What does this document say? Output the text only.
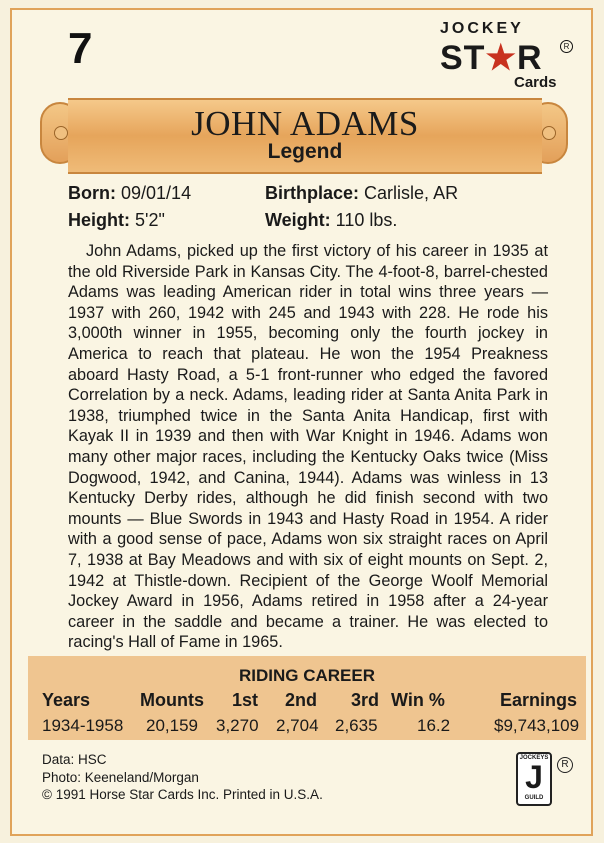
7	JOCKEY
ST★R	R
Cards
JOHN ADAMS
Legend
Born: 09/01/14	Birthplace: Carlisle, AR
Height: 5'2"	Weight: 110 lbs.
John Adams, picked up the first victory of his career in 1935 at the old Riverside Park in Kansas City. The 4-foot-8, barrel-chested Adams was leading American rider in total wins three years — 1937 with 260, 1942 with 245 and 1943 with 228. He rode his 3,000th winner in 1955, becoming only the fourth jockey in America to reach that plateau. He won the 1954 Preakness aboard Hasty Road, a 5-1 front-runner who edged the favored Correlation by a neck. Adams, leading rider at Santa Anita Park in 1938, triumphed twice in the Santa Anita Handicap, first with Kayak II in 1939 and then with War Knight in 1946. Adams won many other major races, including the Kentucky Oaks twice (Miss Dogwood, 1942, and Canina, 1944). Adams was winless in 13 Kentucky Derby rides, although he did finish second with two mounts — Blue Swords in 1943 and Hasty Road in 1954. A rider with a good sense of pace, Adams won six straight races on April 7, 1938 at Bay Meadows and with six of eight mounts on Sept. 2, 1942 at Thistle-down. Recipient of the George Woolf Memorial Jockey Award in 1956, Adams retired in 1958 after a 24-year career in the saddle and became a trainer. He was elected to racing's Hall of Fame in 1965.
RIDING CAREER
Years	Mounts 1st 2nd 3rd Win %	Earnings
1934-1958 20,159 3,270 2,704 2,635 16.2	$9,743,109
Data: HSC
Photo: Keeneland/Morgan
© 1991 Horse Star Cards Inc. Printed in U.S.A.
JOCKEYS
J
GUILD
R
